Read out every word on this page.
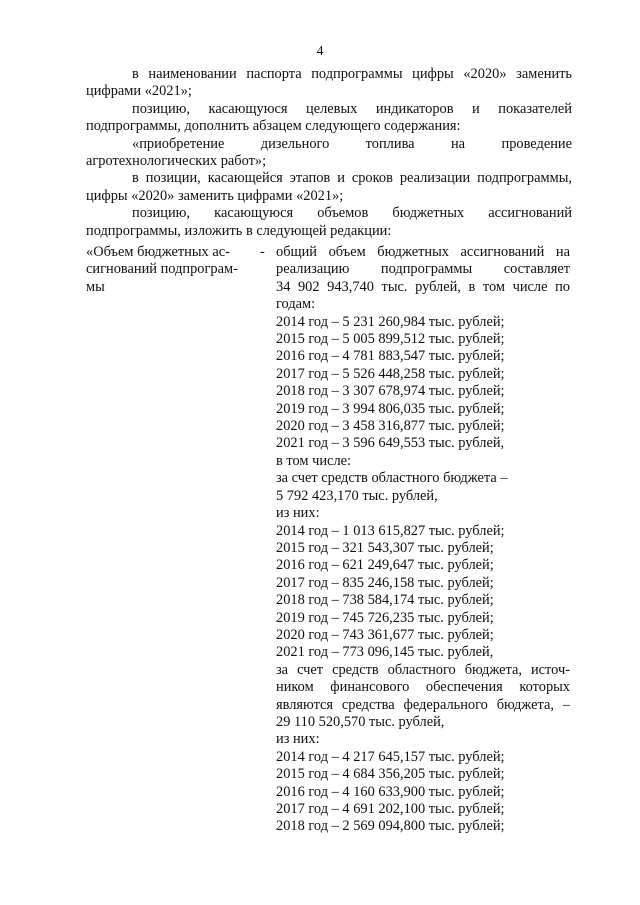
4

в наименовании паспорта подпрограммы цифры «2020» заменить цифрами «2021»;

позицию, касающуюся целевых индикаторов и показателей подпрограммы, дополнить абзацем следующего содержания:

«приобретение дизельного топлива на проведение агротехнологических работ»;

в позиции, касающейся этапов и сроков реализации подпрограммы, цифры «2020» заменить цифрами «2021»;

позицию, касающуюся объемов бюджетных ассигнований подпрограммы, изложить в следующей редакции:

«Объем бюджетных ас-
сигнований подпрограм-
мы
- общий объем бюджетных ассигнований на
реализацию подпрограммы составляет
34 902 943,740 тыс. рублей, в том числе по
годам:
2014 год – 5 231 260,984 тыс. рублей;
2015 год – 5 005 899,512 тыс. рублей;
2016 год – 4 781 883,547 тыс. рублей;
2017 год – 5 526 448,258 тыс. рублей;
2018 год – 3 307 678,974 тыс. рублей;
2019 год – 3 994 806,035 тыс. рублей;
2020 год – 3 458 316,877 тыс. рублей;
2021 год – 3 596 649,553 тыс. рублей,
в том числе:
за счет средств областного бюджета –
5 792 423,170 тыс. рублей,
из них:
2014 год – 1 013 615,827 тыс. рублей;
2015 год – 321 543,307 тыс. рублей;
2016 год – 621 249,647 тыс. рублей;
2017 год – 835 246,158 тыс. рублей;
2018 год – 738 584,174 тыс. рублей;
2019 год – 745 726,235 тыс. рублей;
2020 год – 743 361,677 тыс. рублей;
2021 год – 773 096,145 тыс. рублей,
за счет средств областного бюджета, источ-
ником финансового обеспечения которых
являются средства федерального бюджета, –
29 110 520,570 тыс. рублей,
из них:
2014 год – 4 217 645,157 тыс. рублей;
2015 год – 4 684 356,205 тыс. рублей;
2016 год – 4 160 633,900 тыс. рублей;
2017 год – 4 691 202,100 тыс. рублей;
2018 год – 2 569 094,800 тыс. рублей;
